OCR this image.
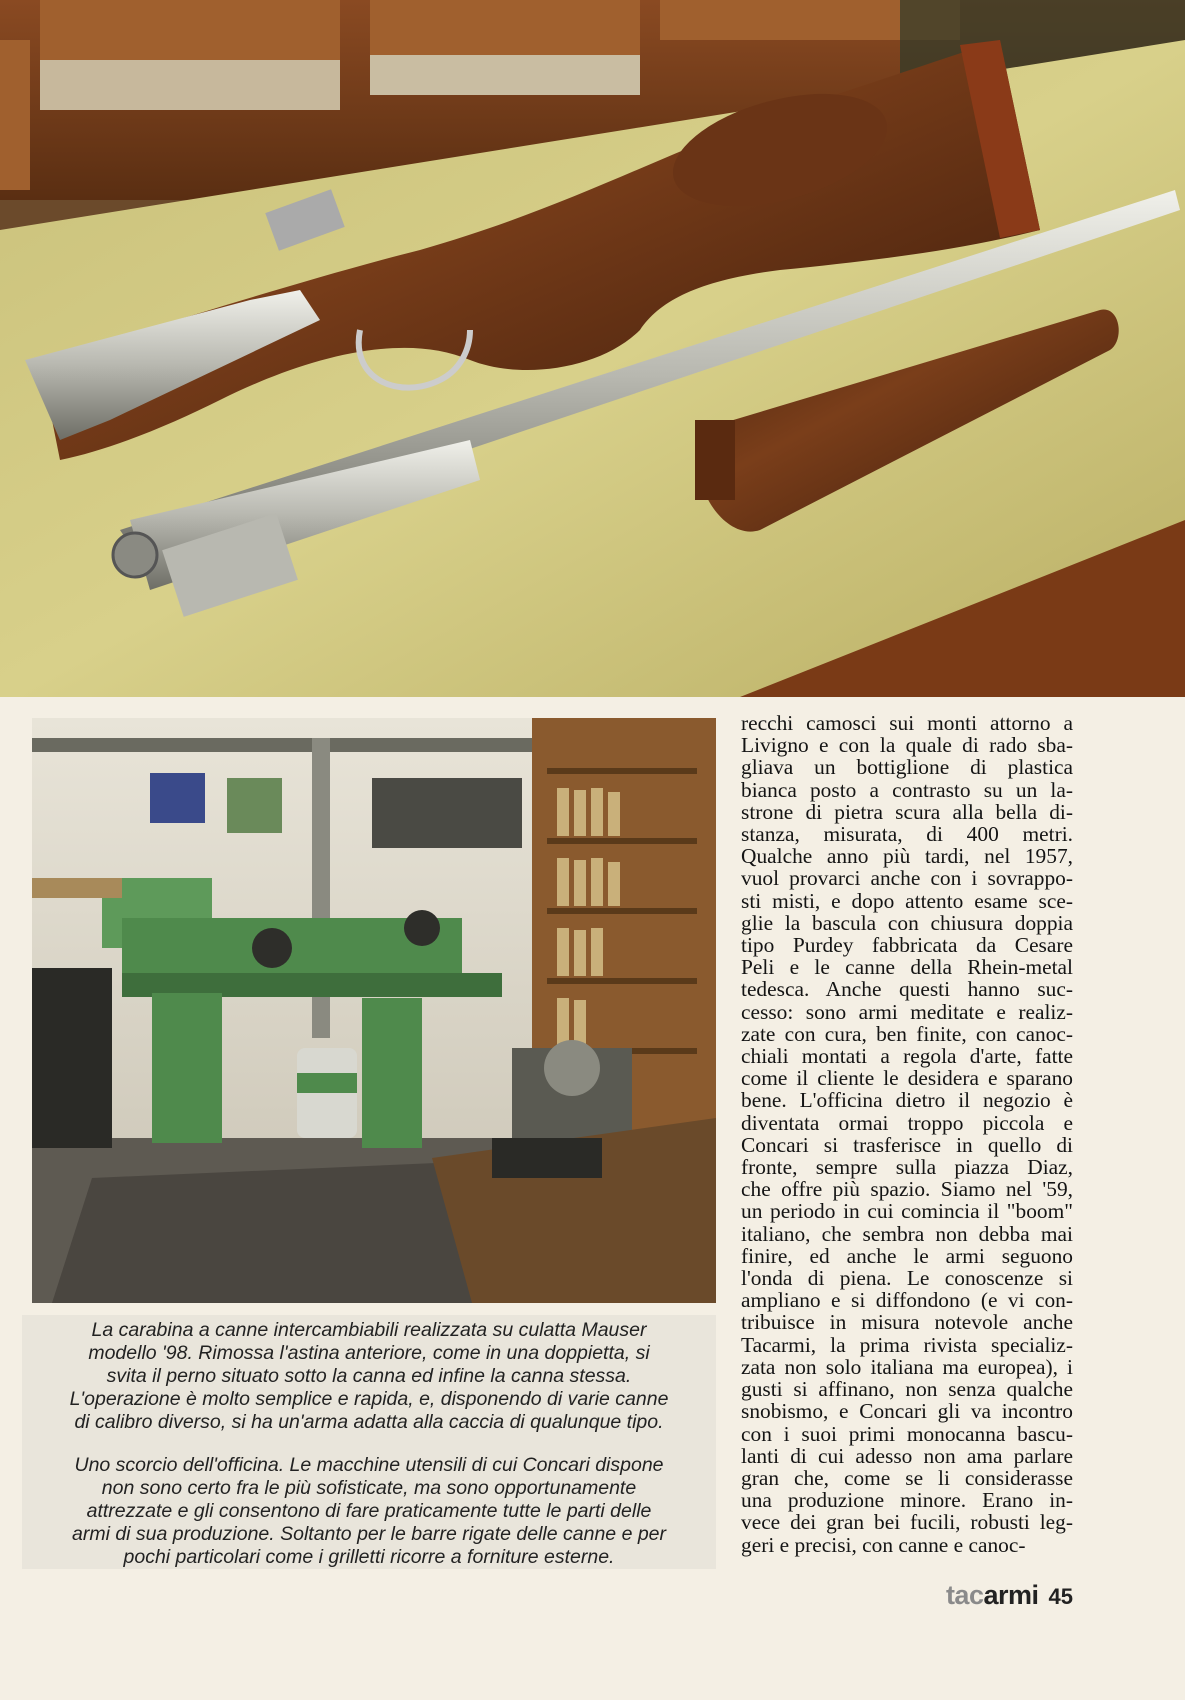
La carabina a canne intercambiabili realizzata su culatta Mauser
modello '98. Rimossa l'astina anteriore, come in una doppietta, si
svita il perno situato sotto la canna ed infine la canna stessa.
L'operazione è molto semplice e rapida, e, disponendo di varie canne
di calibro diverso, si ha un'arma adatta alla caccia di qualunque tipo.

Uno scorcio dell'officina. Le macchine utensili di cui Concari dispone
non sono certo fra le più sofisticate, ma sono opportunamente
attrezzate e gli consentono di fare praticamente tutte le parti delle
armi di sua produzione. Soltanto per le barre rigate delle canne e per
pochi particolari come i grilletti ricorre a forniture esterne.

recchi camosci sui monti attorno a
Livigno e con la quale di rado sba-
gliava un bottiglione di plastica
bianca posto a contrasto su un la-
strone di pietra scura alla bella di-
stanza, misurata, di 400 metri.
Qualche anno più tardi, nel 1957,
vuol provarci anche con i sovrappo-
sti misti, e dopo attento esame sce-
glie la bascula con chiusura doppia
tipo Purdey fabbricata da Cesare
Peli e le canne della Rhein-metal
tedesca. Anche questi hanno suc-
cesso: sono armi meditate e realiz-
zate con cura, ben finite, con canoc-
chiali montati a regola d'arte, fatte
come il cliente le desidera e sparano
bene. L'officina dietro il negozio è
diventata ormai troppo piccola e
Concari si trasferisce in quello di
fronte, sempre sulla piazza Diaz,
che offre più spazio. Siamo nel '59,
un periodo in cui comincia il "boom"
italiano, che sembra non debba mai
finire, ed anche le armi seguono
l'onda di piena. Le conoscenze si
ampliano e si diffondono (e vi con-
tribuisce in misura notevole anche
Tacarmi, la prima rivista specializ-
zata non solo italiana ma europea), i
gusti si affinano, non senza qualche
snobismo, e Concari gli va incontro
con i suoi primi monocanna bascu-
lanti di cui adesso non ama parlare
gran che, come se li considerasse
una produzione minore. Erano in-
vece dei gran bei fucili, robusti leg-
geri e precisi, con canne e canoc-
tacarmi 45
